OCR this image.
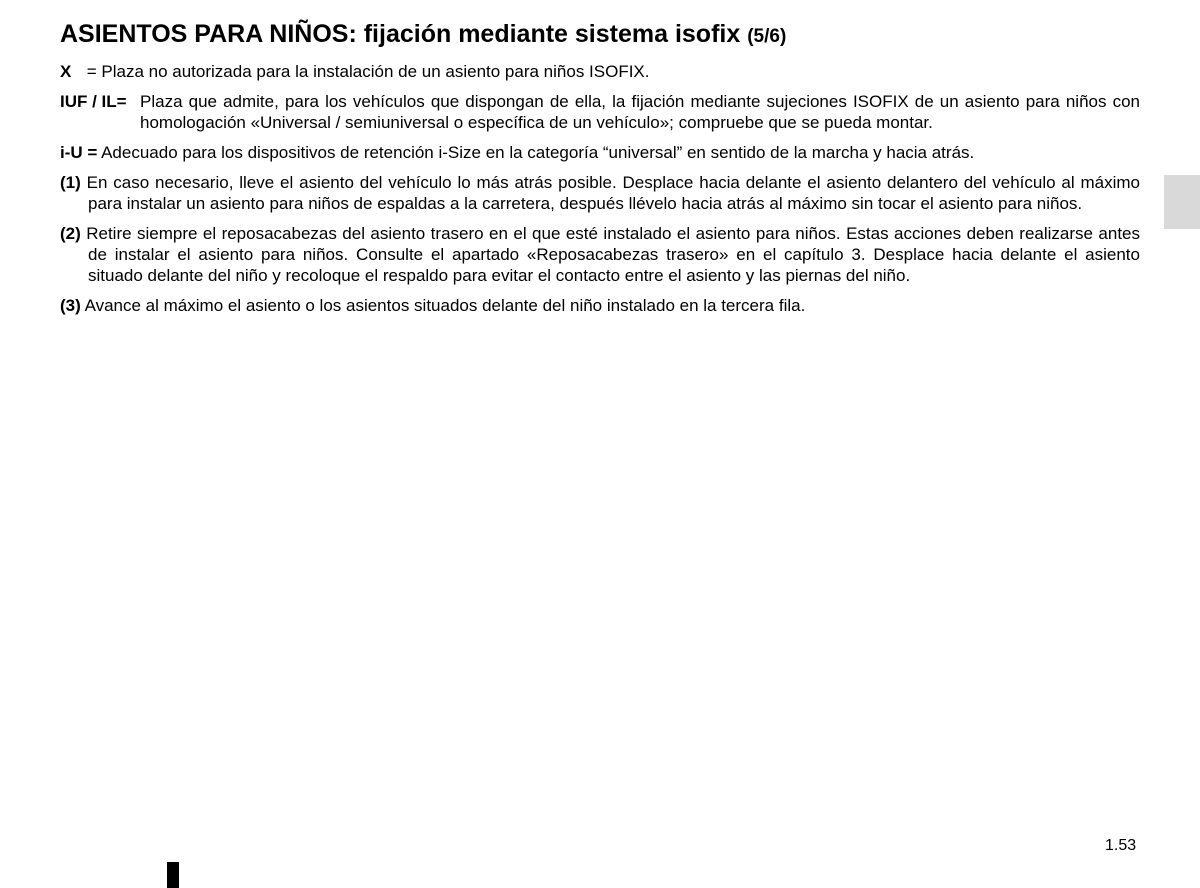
ASIENTOS PARA NIÑOS: fijación mediante sistema isofix (5/6)

X = Plaza no autorizada para la instalación de un asiento para niños ISOFIX.

IUF / IL= Plaza que admite, para los vehículos que dispongan de ella, la fijación mediante sujeciones ISOFIX de un asiento para niños con homologación «Universal / semiuniversal o específica de un vehículo»; compruebe que se pueda montar.

i-U = Adecuado para los dispositivos de retención i-Size en la categoría “universal” en sentido de la marcha y hacia atrás.

(1) En caso necesario, lleve el asiento del vehículo lo más atrás posible. Desplace hacia delante el asiento delantero del vehículo al máximo para instalar un asiento para niños de espaldas a la carretera, después llévelo hacia atrás al máximo sin tocar el asiento para niños.

(2) Retire siempre el reposacabezas del asiento trasero en el que esté instalado el asiento para niños. Estas acciones deben realizarse antes de instalar el asiento para niños. Consulte el apartado «Reposacabezas trasero» en el capítulo 3. Desplace hacia delante el asiento situado delante del niño y recoloque el respaldo para evitar el contacto entre el asiento y las piernas del niño.

(3) Avance al máximo el asiento o los asientos situados delante del niño instalado en la tercera fila.

1.53
